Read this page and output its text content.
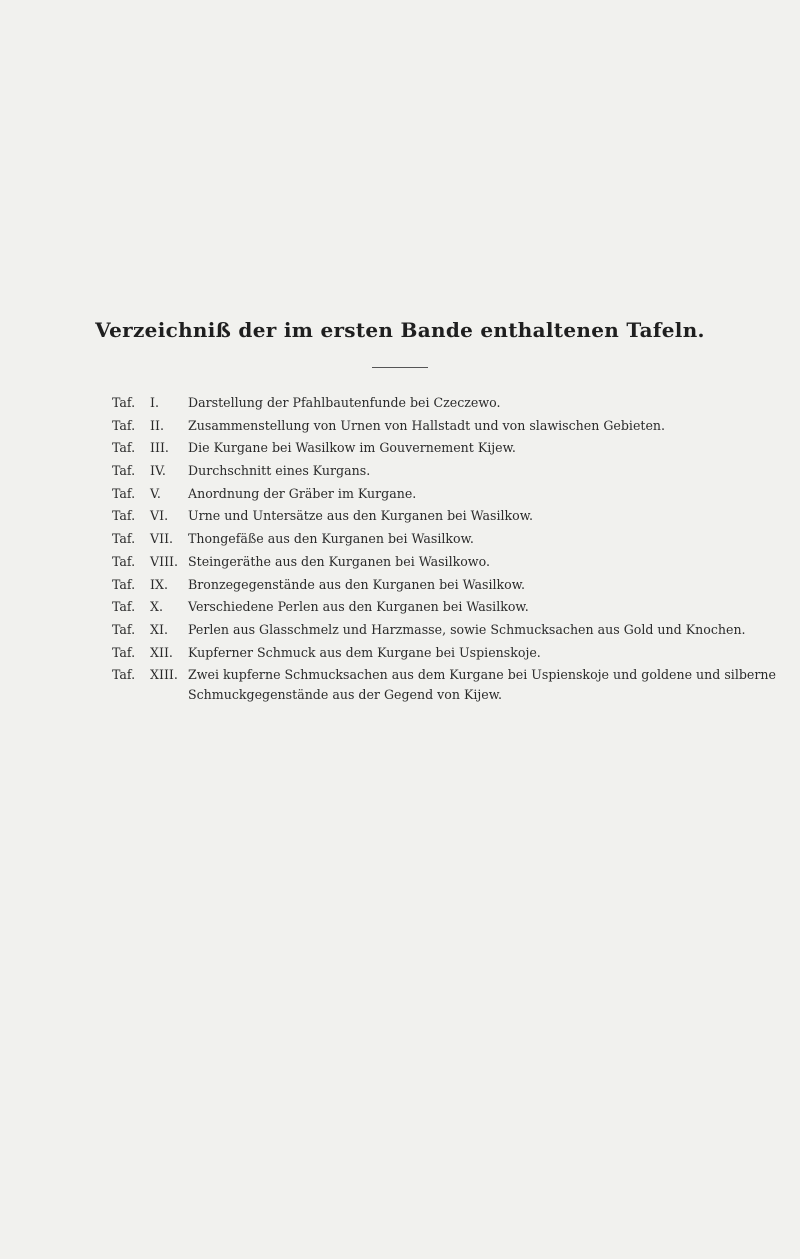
Verzeichniß der im ersten Bande enthaltenen Tafeln.
Taf.	I. Darstellung der Pfahlbautenfunde bei Czeczewo.
Taf.	II. Zusammenstellung von Urnen von Hallstadt und von slawischen Gebieten.
Taf.	III. Die Kurgane bei Wasilkow im Gouvernement Kijew.
Taf.	IV. Durchschnitt eines Kurgans.
Taf.	V. Anordnung der Gräber im Kurgane.
Taf.	VI. Urne und Untersätze aus den Kurganen bei Wasilkow.
Taf.	VII. Thongefäße aus den Kurganen bei Wasilkow.
Taf.	VIII. Steingeräthe aus den Kurganen bei Wasilkowo.
Taf.	IX. Bronzegegenstände aus den Kurganen bei Wasilkow.
Taf.	X. Verschiedene Perlen aus den Kurganen bei Wasilkow.
Taf.	XI. Perlen aus Glasschmelz und Harzmasse, sowie Schmucksachen aus Gold und Knochen.
Taf.	XII. Kupferner Schmuck aus dem Kurgane bei Uspienskoje.
Taf.	XIII. Zwei kupferne Schmucksachen aus dem Kurgane bei Uspienskoje und goldene und silberne Schmuckgegenstände aus der Gegend von Kijew.
